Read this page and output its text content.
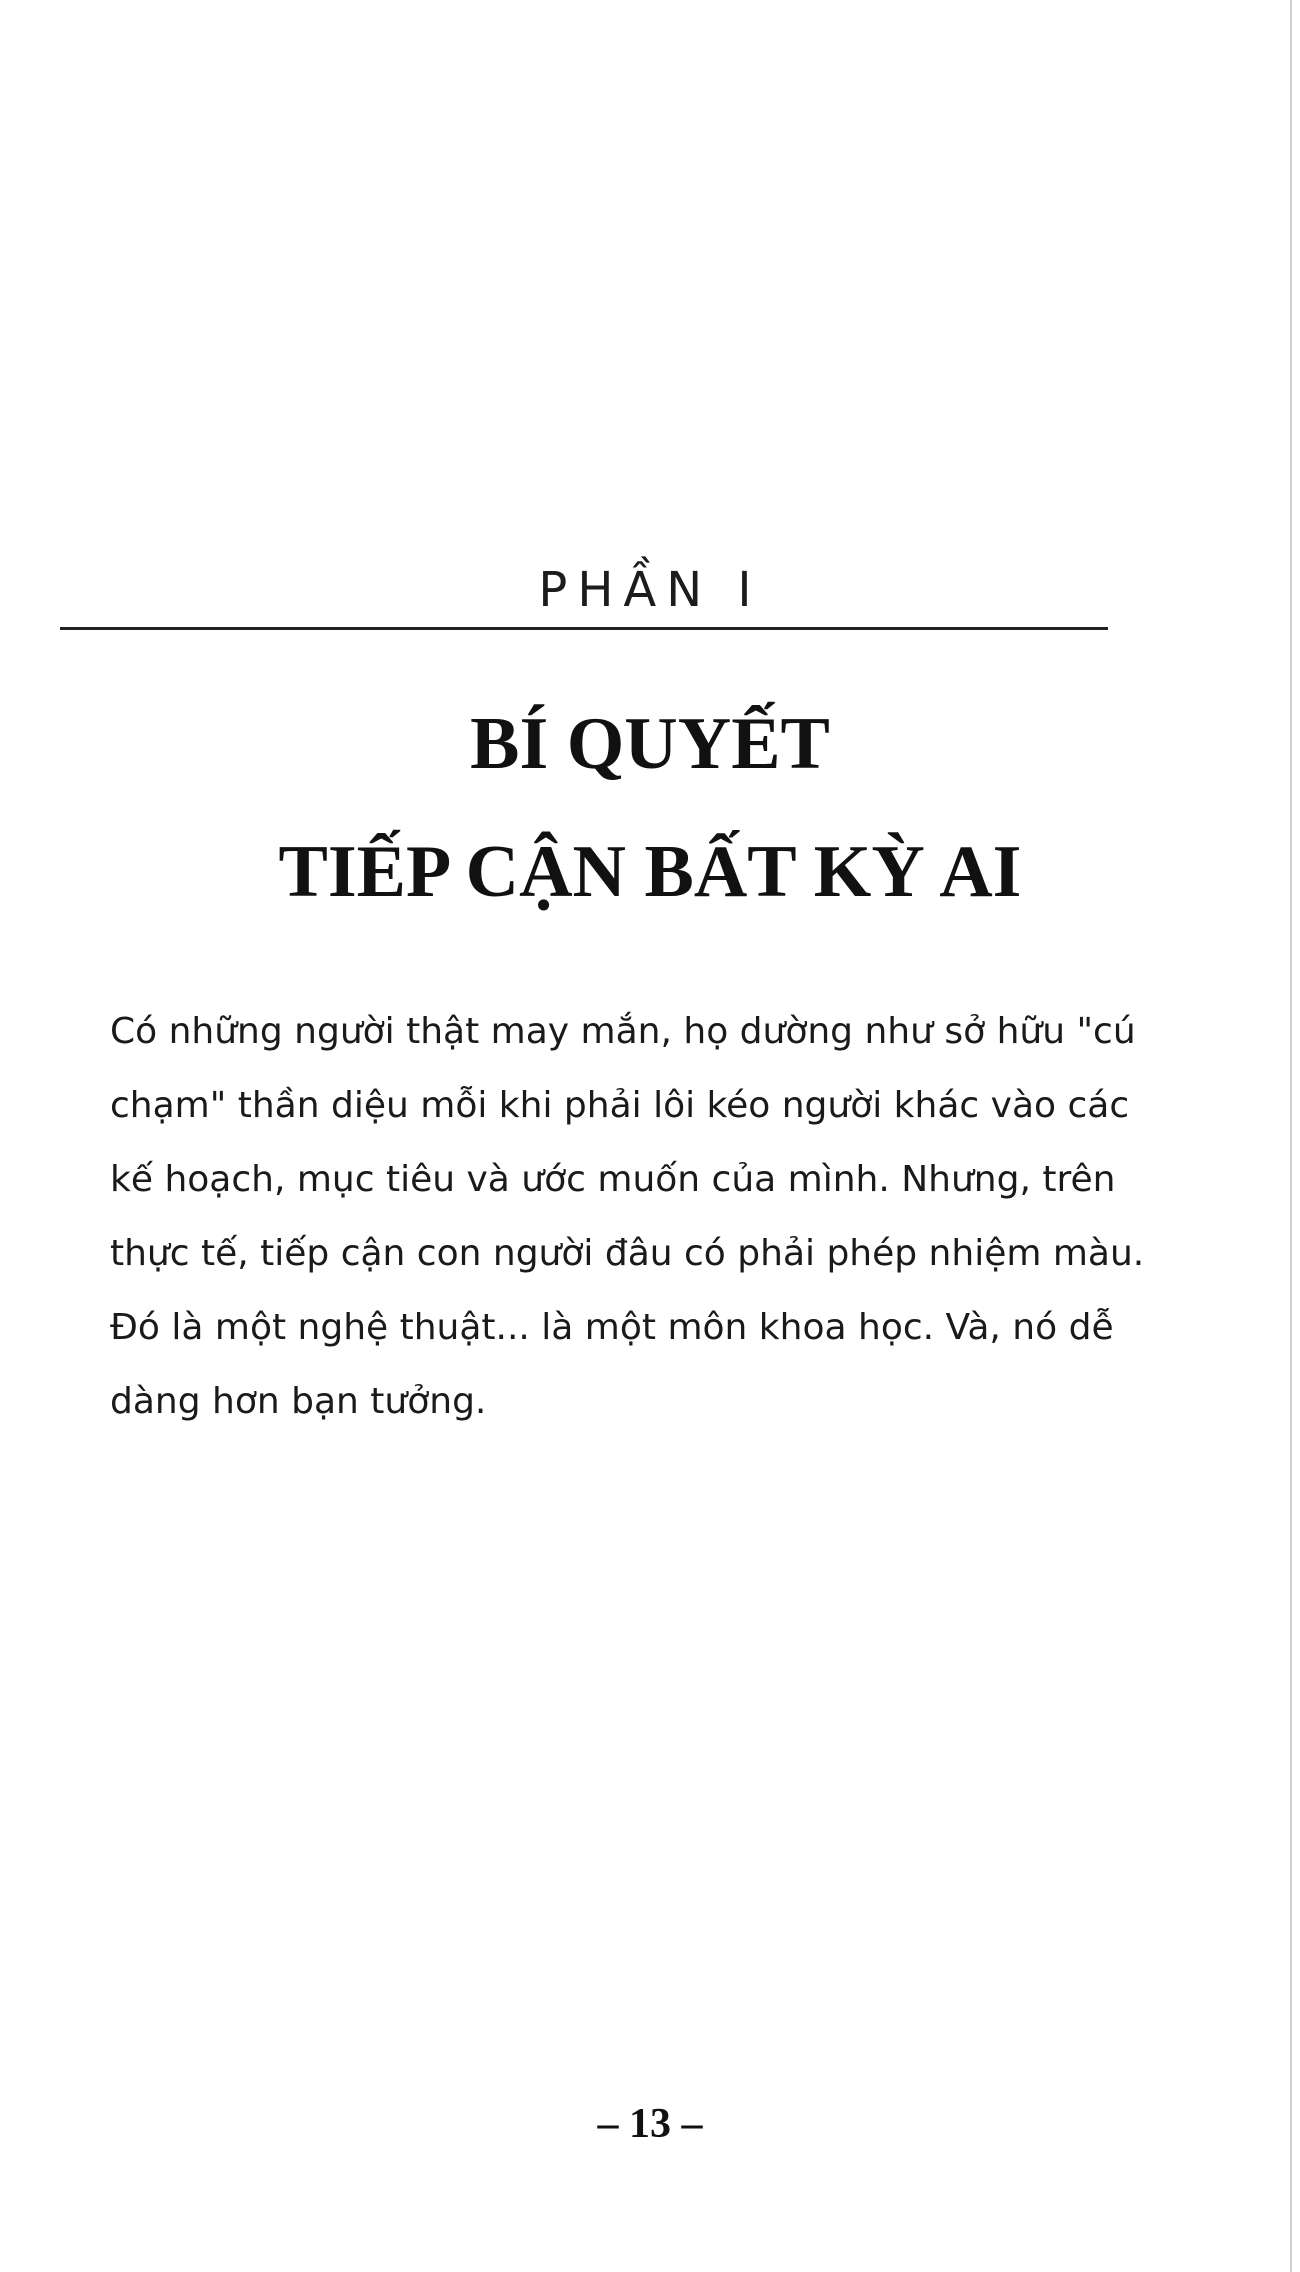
PHẦN I
BÍ QUYẾT
TIẾP CẬN BẤT KỲ AI
Có những người thật may mắn, họ dường như sở hữu "cú
chạm" thần diệu mỗi khi phải lôi kéo người khác vào các
kế hoạch, mục tiêu và ước muốn của mình. Nhưng, trên
thực tế, tiếp cận con người đâu có phải phép nhiệm màu.
Đó là một nghệ thuật... là một môn khoa học. Và, nó dễ
dàng hơn bạn tưởng.
– 13 –
